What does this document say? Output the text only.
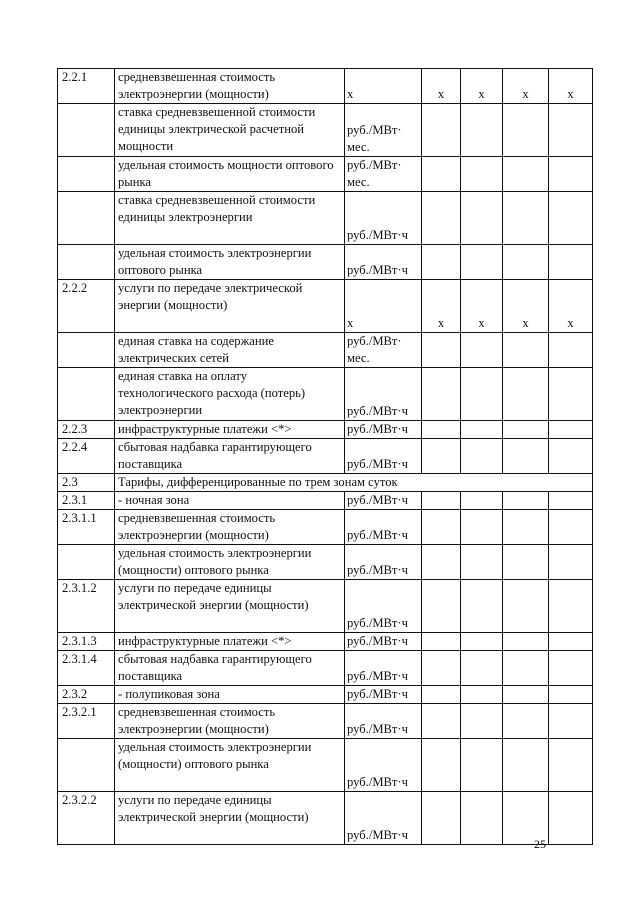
2.2.1	средневзвешенная стоимость электроэнергии (мощности)	x	x	x	x	x
	ставка средневзвешенной стоимости единицы электрической расчетной мощности	руб./МВт· мес.				
	удельная стоимость мощности оптового рынка	руб./МВт· мес.				
	ставка средневзвешенной стоимости единицы электроэнергии	руб./МВт·ч				
	удельная стоимость электроэнергии оптового рынка	руб./МВт·ч				
2.2.2	услуги по передаче электрической энергии (мощности)	x	x	x	x	x
	единая ставка на содержание электрических сетей	руб./МВт· мес.				
	единая ставка на оплату технологического расхода (потерь) электроэнергии	руб./МВт·ч				
2.2.3	инфраструктурные платежи <*>	руб./МВт·ч				
2.2.4	сбытовая надбавка гарантирующего поставщика	руб./МВт·ч				
2.3	Тарифы, дифференцированные по трем зонам суток					
2.3.1	- ночная зона	руб./МВт·ч				
2.3.1.1	средневзвешенная стоимость электроэнергии (мощности)	руб./МВт·ч				
	удельная стоимость электроэнергии (мощности) оптового рынка	руб./МВт·ч				
2.3.1.2	услуги по передаче единицы электрической энергии (мощности)	руб./МВт·ч				
2.3.1.3	инфраструктурные платежи <*>	руб./МВт·ч				
2.3.1.4	сбытовая надбавка гарантирующего поставщика	руб./МВт·ч				
2.3.2	- полупиковая зона	руб./МВт·ч				
2.3.2.1	средневзвешенная стоимость электроэнергии (мощности)	руб./МВт·ч				
	удельная стоимость электроэнергии (мощности) оптового рынка	руб./МВт·ч				
2.3.2.2	услуги по передаче единицы электрической энергии (мощности)	руб./МВт·ч				
25
